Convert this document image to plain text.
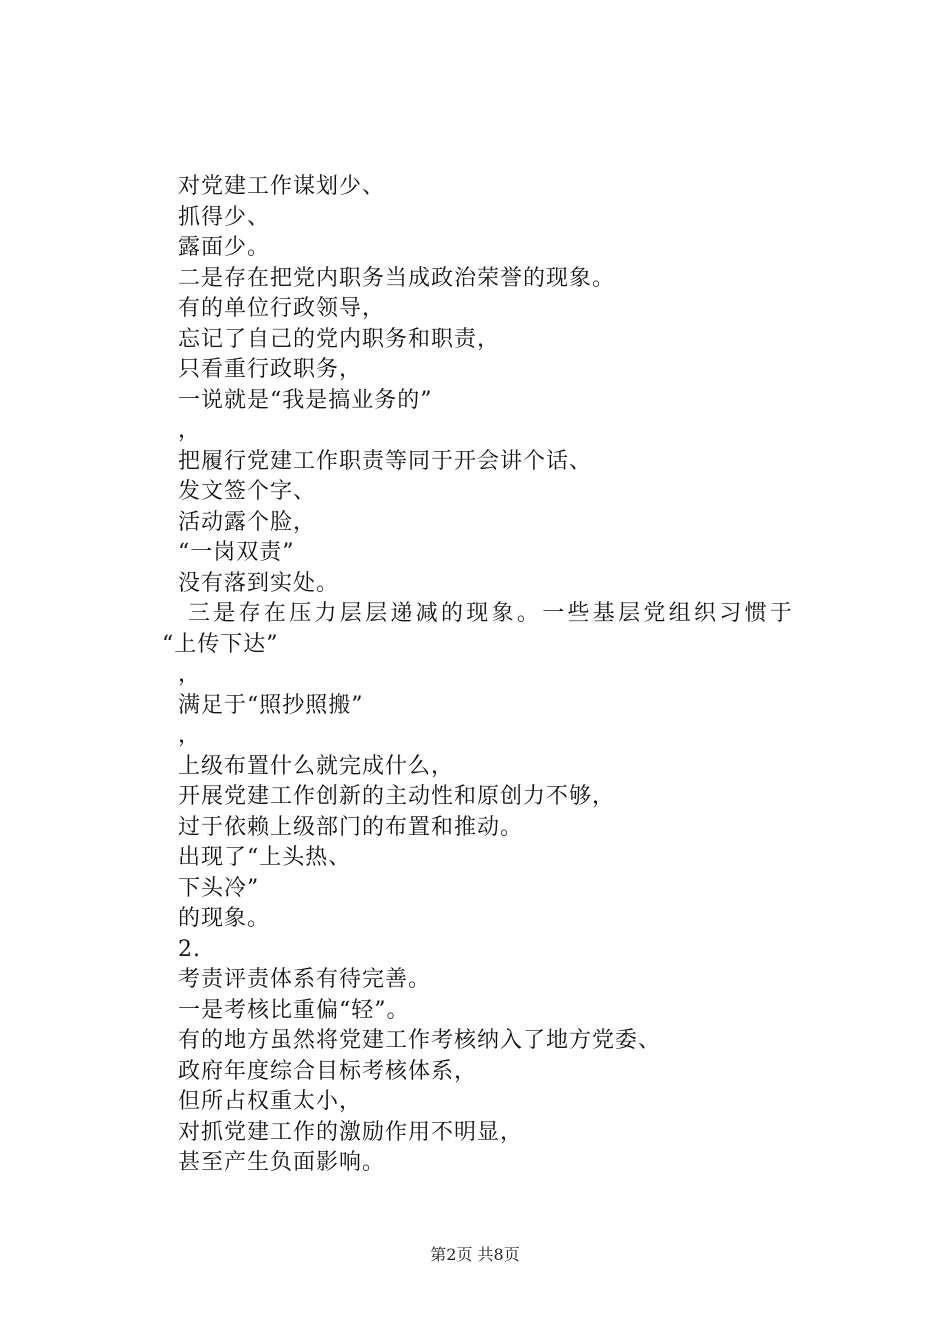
对党建工作谋划少、
抓得少、
露面少。
二是存在把党内职务当成政治荣誉的现象。
有的单位行政领导，
忘记了自己的党内职务和职责，
只看重行政职务，
一说就是“我是搞业务的”
，
把履行党建工作职责等同于开会讲个话、
发文签个字、
活动露个脸，
“一岗双责”
没有落到实处。
三是存在压力层层递减的现象。一些基层党组织习惯于
“上传下达”
，
满足于“照抄照搬”
，
上级布置什么就完成什么，
开展党建工作创新的主动性和原创力不够，
过于依赖上级部门的布置和推动。
出现了“上头热、
下头冷”
的现象。
2.
考责评责体系有待完善。
一是考核比重偏“轻”。
有的地方虽然将党建工作考核纳入了地方党委、
政府年度综合目标考核体系，
但所占权重太小，
对抓党建工作的激励作用不明显，
甚至产生负面影响。
第2页 共8页
